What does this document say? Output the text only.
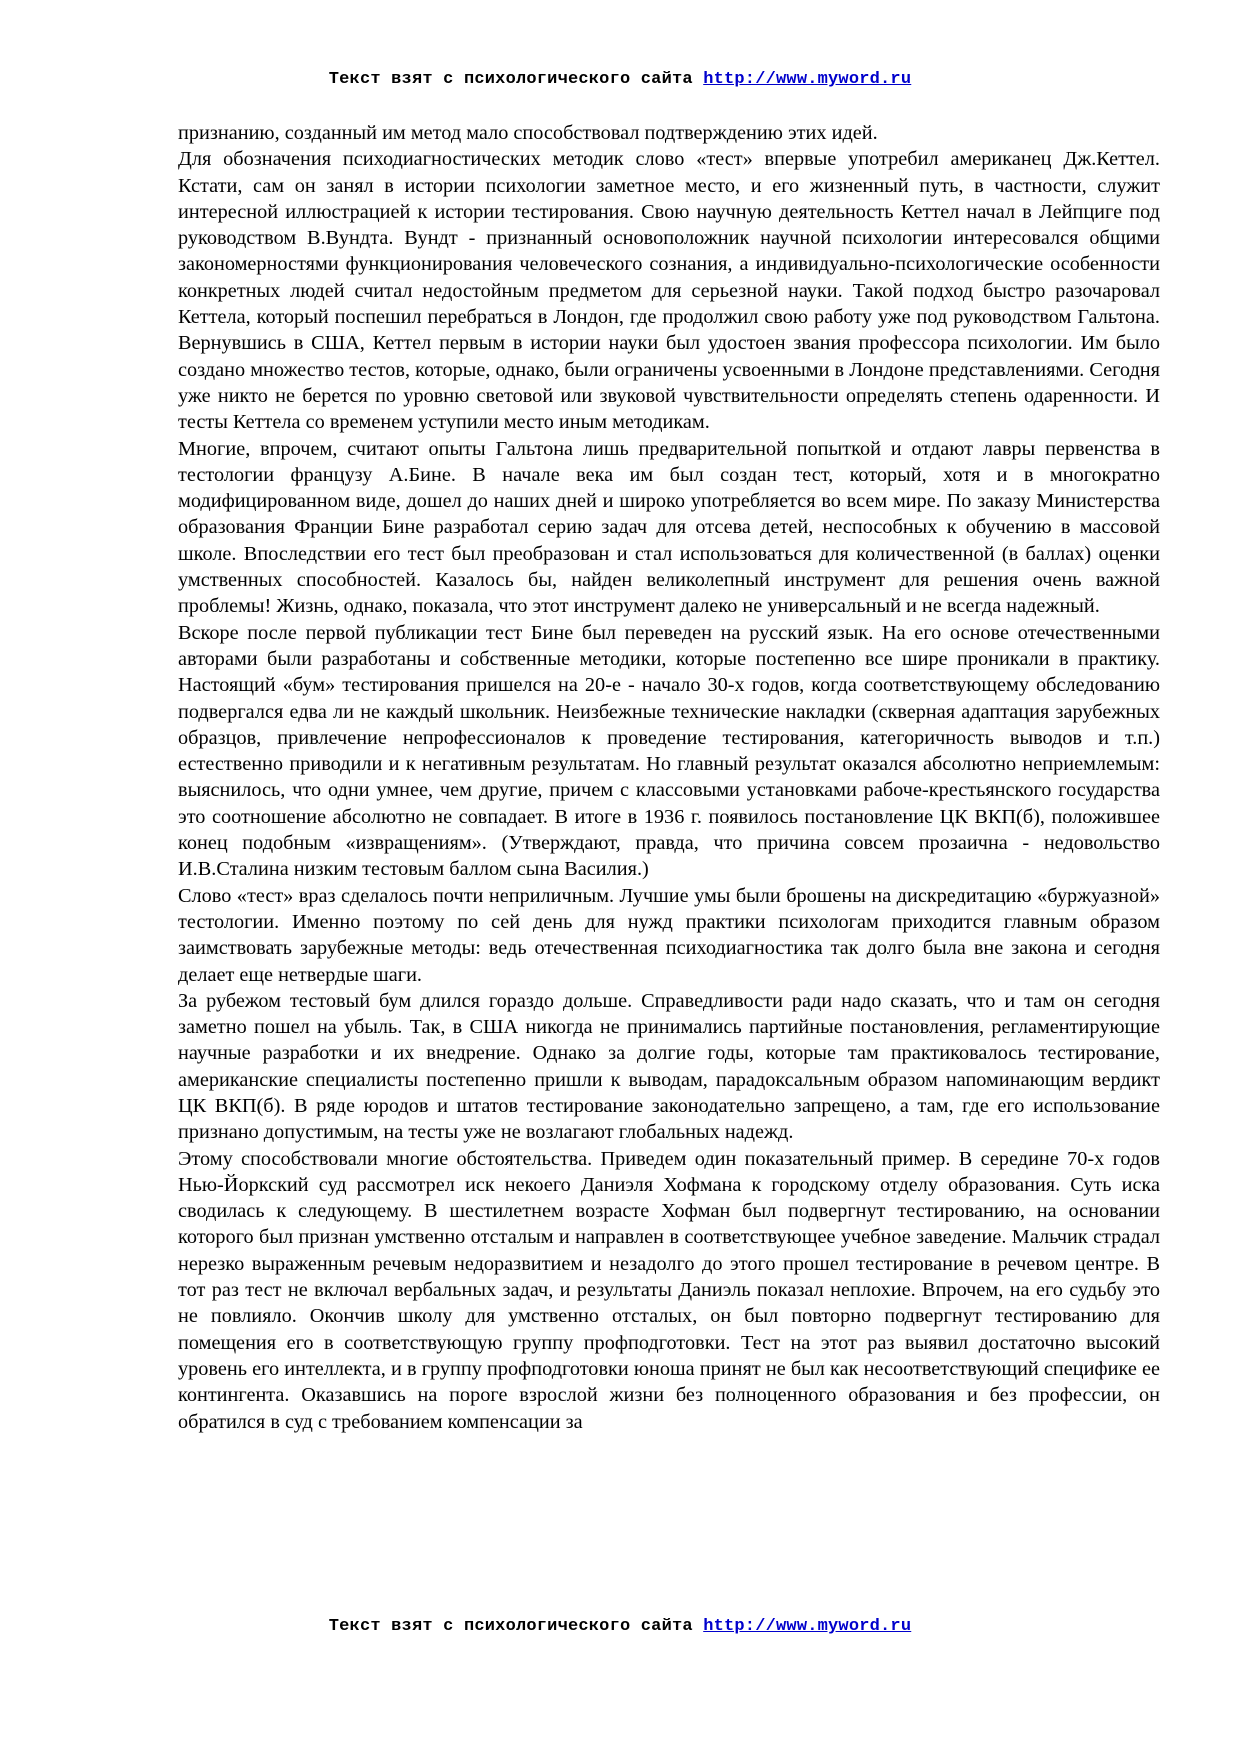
Текст взят с психологического сайта http://www.myword.ru

признанию, созданный им метод мало способствовал подтверждению этих идей.

Для обозначения психодиагностических методик слово «тест» впервые употребил американец Дж.Кеттел. Кстати, сам он занял в истории психологии заметное место, и его жизненный путь, в частности, служит интересной иллюстрацией к истории тестирования. Свою научную деятельность Кеттел начал в Лейпциге под руководством В.Вундта. Вундт - признанный основоположник научной психологии интересовался общими закономерностями функционирования человеческого сознания, а индивидуально-психологические особенности конкретных людей считал недостойным предметом для серьезной науки. Такой подход быстро разочаровал Кеттела, который поспешил перебраться в Лондон, где продолжил свою работу уже под руководством Гальтона. Вернувшись в США, Кеттел первым в истории науки был удостоен звания профессора психологии. Им было создано множество тестов, которые, однако, были ограничены усвоенными в Лондоне представлениями. Сегодня уже никто не берется по уровню световой или звуковой чувствительности определять степень одаренности. И тесты Кеттела со временем уступили место иным методикам.

Многие, впрочем, считают опыты Гальтона лишь предварительной попыткой и отдают лавры первенства в тестологии французу А.Бине. В начале века им был создан тест, который, хотя и в многократно модифицированном виде, дошел до наших дней и широко употребляется во всем мире. По заказу Министерства образования Франции Бине разработал серию задач для отсева детей, неспособных к обучению в массовой школе. Впоследствии его тест был преобразован и стал использоваться для количественной (в баллах) оценки умственных способностей. Казалось бы, найден великолепный инструмент для решения очень важной проблемы! Жизнь, однако, показала, что этот инструмент далеко не универсальный и не всегда надежный.

Вскоре после первой публикации тест Бине был переведен на русский язык. На его основе отечественными авторами были разработаны и собственные методики, которые постепенно все шире проникали в практику. Настоящий «бум» тестирования пришелся на 20-е - начало 30-х годов, когда соответствующему обследованию подвергался едва ли не каждый школьник. Неизбежные технические накладки (скверная адаптация зарубежных образцов, привлечение непрофессионалов к проведение тестирования, категоричность выводов и т.п.) естественно приводили и к негативным результатам. Но главный результат оказался абсолютно неприемлемым: выяснилось, что одни умнее, чем другие, причем с классовыми установками рабоче-крестьянского государства это соотношение абсолютно не совпадает. В итоге в 1936 г. появилось постановление ЦК ВКП(б), положившее конец подобным «извращениям». (Утверждают, правда, что причина совсем прозаична - недовольство И.В.Сталина низким тестовым баллом сына Василия.)

Слово «тест» враз сделалось почти неприличным. Лучшие умы были брошены на дискредитацию «буржуазной» тестологии. Именно поэтому по сей день для нужд практики психологам приходится главным образом заимствовать зарубежные методы: ведь отечественная психодиагностика так долго была вне закона и сегодня делает еще нетвердые шаги.

За рубежом тестовый бум длился гораздо дольше. Справедливости ради надо сказать, что и там он сегодня заметно пошел на убыль. Так, в США никогда не принимались партийные постановления, регламентирующие научные разработки и их внедрение. Однако за долгие годы, которые там практиковалось тестирование, американские специалисты постепенно пришли к выводам, парадоксальным образом напоминающим вердикт ЦК ВКП(б). В ряде юродов и штатов тестирование законодательно запрещено, а там, где его использование признано допустимым, на тесты уже не возлагают глобальных надежд.

Этому способствовали многие обстоятельства. Приведем один показательный пример. В середине 70-х годов Нью-Йоркский суд рассмотрел иск некоего Даниэля Хофмана к городскому отделу образования. Суть иска сводилась к следующему. В шестилетнем возрасте Хофман был подвергнут тестированию, на основании которого был признан умственно отсталым и направлен в соответствующее учебное заведение. Мальчик страдал нерезко выраженным речевым недоразвитием и незадолго до этого прошел тестирование в речевом центре. В тот раз тест не включал вербальных задач, и результаты Даниэль показал неплохие. Впрочем, на его судьбу это не повлияло. Окончив школу для умственно отсталых, он был повторно подвергнут тестированию для помещения его в соответствующую группу профподготовки. Тест на этот раз выявил достаточно высокий уровень его интеллекта, и в группу профподготовки юноша принят не был как несоответствующий специфике ее контингента. Оказавшись на пороге взрослой жизни без полноценного образования и без профессии, он обратился в суд с требованием компенсации за

Текст взят с психологического сайта http://www.myword.ru
